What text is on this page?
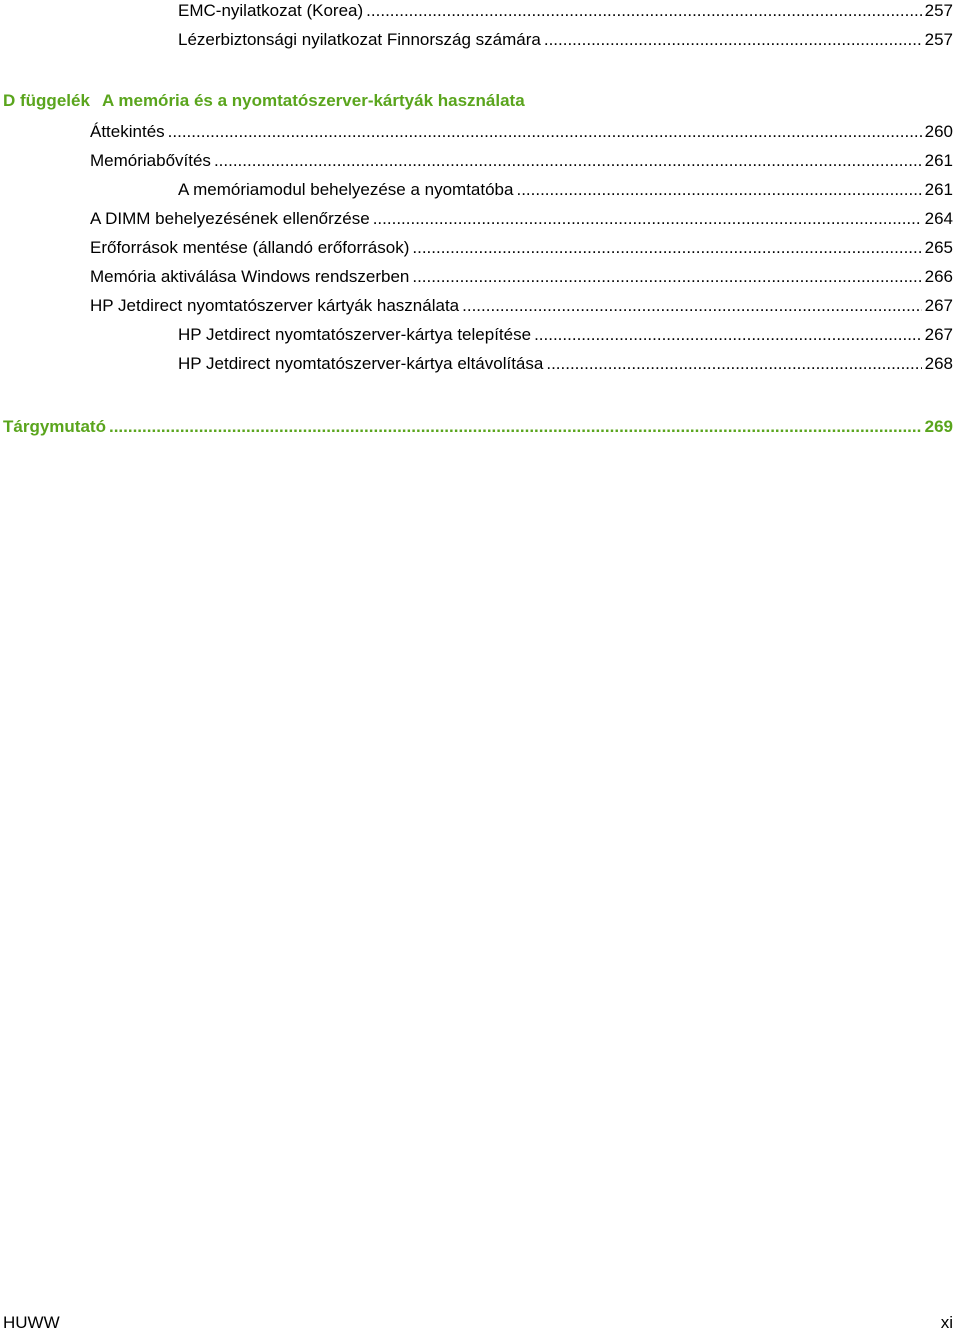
EMC-nyilatkozat (Korea) .....	257
Lézerbiztonsági nyilatkozat Finnország számára .....	257
D függelék A memória és a nyomtatószerver-kártyák használata
Áttekintés .....	260
Memóriabővítés .....	261
A memóriamodul behelyezése a nyomtatóba .....	261
A DIMM behelyezésének ellenőrzése .....	264
Erőforrások mentése (állandó erőforrások) .....	265
Memória aktiválása Windows rendszerben .....	266
HP Jetdirect nyomtatószerver kártyák használata .....	267
HP Jetdirect nyomtatószerver-kártya telepítése .....	267
HP Jetdirect nyomtatószerver-kártya eltávolítása .....	268
Tárgymutató .....	269
HUWW	xi
